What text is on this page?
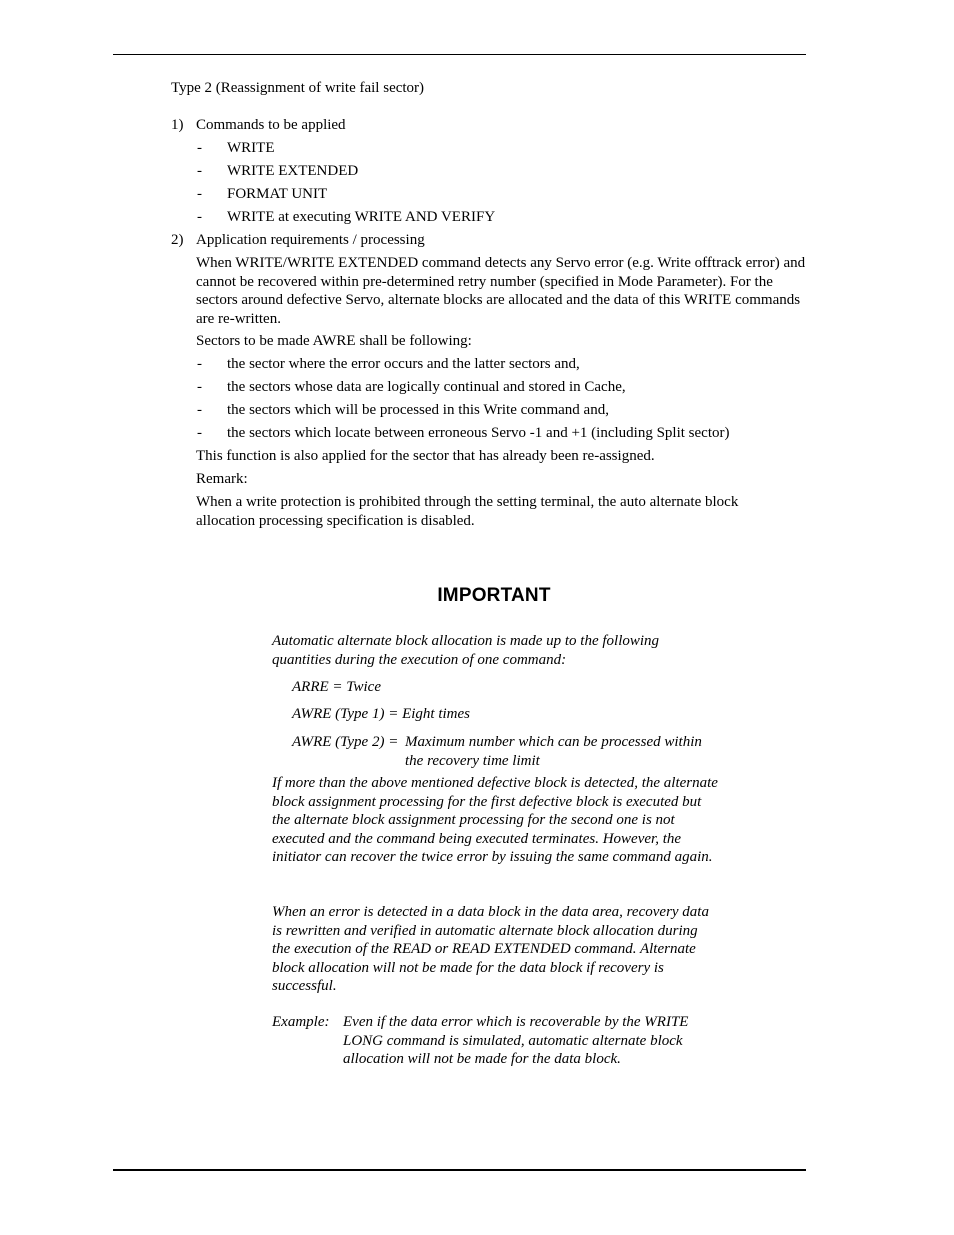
Type 2 (Reassignment of write fail sector)
1) Commands to be applied
- WRITE
- WRITE EXTENDED
- FORMAT UNIT
- WRITE at executing WRITE AND VERIFY
2) Application requirements / processing
When WRITE/WRITE EXTENDED command detects any Servo error (e.g. Write offtrack error) and cannot be recovered within pre-determined retry number (specified in Mode Parameter). For the sectors around defective Servo, alternate blocks are allocated and the data of this WRITE commands are re-written.
Sectors to be made AWRE shall be following:
- the sector where the error occurs and the latter sectors and,
- the sectors whose data are logically continual and stored in Cache,
- the sectors which will be processed in this Write command and,
- the sectors which locate between erroneous Servo -1 and +1 (including Split sector)
This function is also applied for the sector that has already been re-assigned.
Remark:
When a write protection is prohibited through the setting terminal, the auto alternate block allocation processing specification is disabled.
IMPORTANT
Automatic alternate block allocation is made up to the following quantities during the execution of one command:
ARRE = Twice
AWRE (Type 1) = Eight times
AWRE (Type 2) = Maximum number which can be processed within the recovery time limit
If more than the above mentioned defective block is detected, the alternate block assignment processing for the first defective block is executed but the alternate block assignment processing for the second one is not executed and the command being executed terminates. However, the initiator can recover the twice error by issuing the same command again.
When an error is detected in a data block in the data area, recovery data is rewritten and verified in automatic alternate block allocation during the execution of the READ or READ EXTENDED command. Alternate block allocation will not be made for the data block if recovery is successful.
Example: Even if the data error which is recoverable by the WRITE LONG command is simulated, automatic alternate block allocation will not be made for the data block.
